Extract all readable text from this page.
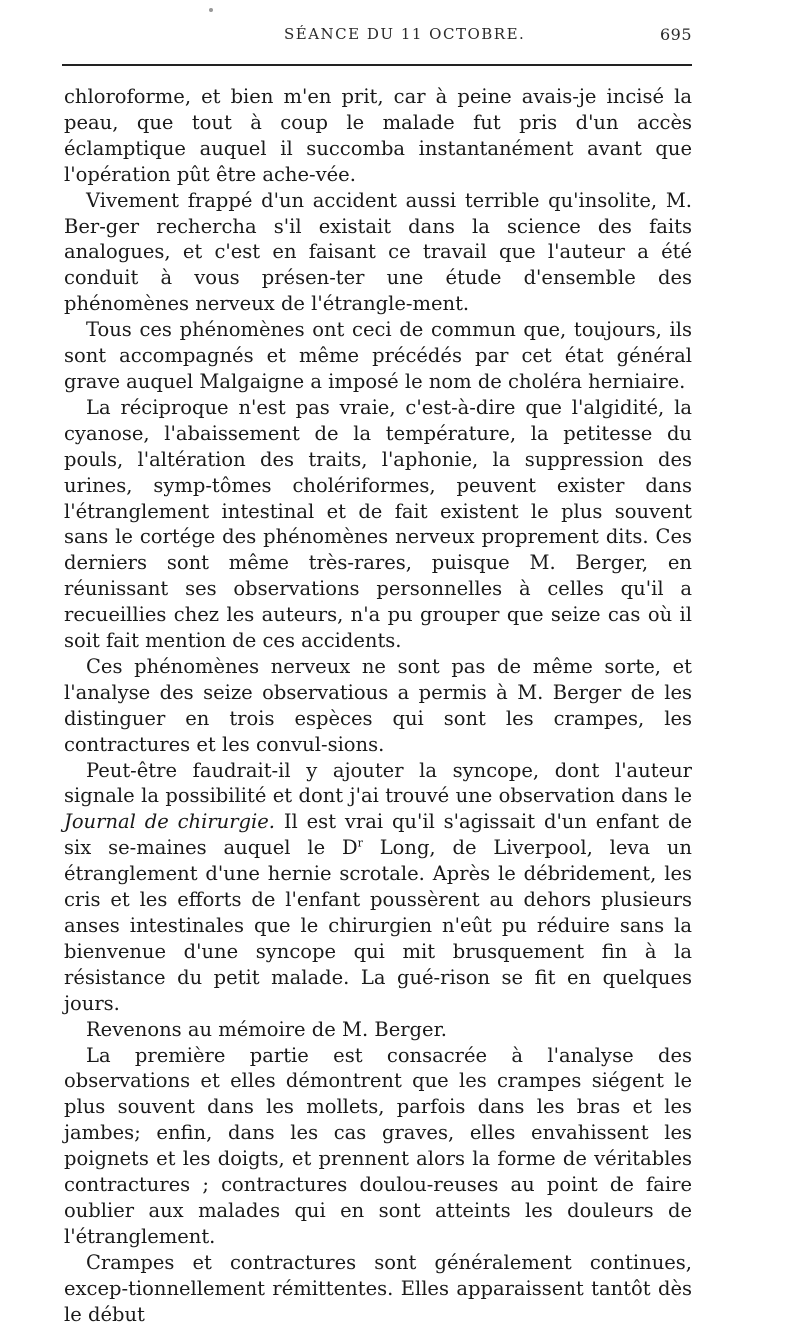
SÉANCE DU 11 OCTOBRE.	695

chloroforme, et bien m'en prit, car à peine avais-je incisé la peau, que tout à coup le malade fut pris d'un accès éclamptique auquel il succomba instantanément avant que l'opération pût être ache-vée.

Vivement frappé d'un accident aussi terrible qu'insolite, M. Ber-ger rechercha s'il existait dans la science des faits analogues, et c'est en faisant ce travail que l'auteur a été conduit à vous présen-ter une étude d'ensemble des phénomènes nerveux de l'étrangle-ment.

Tous ces phénomènes ont ceci de commun que, toujours, ils sont accompagnés et même précédés par cet état général grave auquel Malgaigne a imposé le nom de choléra herniaire.

La réciproque n'est pas vraie, c'est-à-dire que l'algidité, la cyanose, l'abaissement de la température, la petitesse du pouls, l'altération des traits, l'aphonie, la suppression des urines, symp-tômes cholériformes, peuvent exister dans l'étranglement intestinal et de fait existent le plus souvent sans le cortége des phénomènes nerveux proprement dits. Ces derniers sont même très-rares, puisque M. Berger, en réunissant ses observations personnelles à celles qu'il a recueillies chez les auteurs, n'a pu grouper que seize cas où il soit fait mention de ces accidents.

Ces phénomènes nerveux ne sont pas de même sorte, et l'analyse des seize observatious a permis à M. Berger de les distinguer en trois espèces qui sont les crampes, les contractures et les convul-sions.

Peut-être faudrait-il y ajouter la syncope, dont l'auteur signale la possibilité et dont j'ai trouvé une observation dans le Journal de chirurgie. Il est vrai qu'il s'agissait d'un enfant de six se-maines auquel le $D^r$ Long, de Liverpool, leva un étranglement d'une hernie scrotale. Après le débridement, les cris et les efforts de l'enfant poussèrent au dehors plusieurs anses intestinales que le chirurgien n'eût pu réduire sans la bienvenue d'une syncope qui mit brusquement fin à la résistance du petit malade. La gué-rison se fit en quelques jours.

Revenons au mémoire de M. Berger.

La première partie est consacrée à l'analyse des observations et elles démontrent que les crampes siégent le plus souvent dans les mollets, parfois dans les bras et les jambes; enfin, dans les cas graves, elles envahissent les poignets et les doigts, et prennent alors la forme de véritables contractures ; contractures doulou-reuses au point de faire oublier aux malades qui en sont atteints les douleurs de l'étranglement.

Crampes et contractures sont généralement continues, excep-tionnellement rémittentes. Elles apparaissent tantôt dès le début
